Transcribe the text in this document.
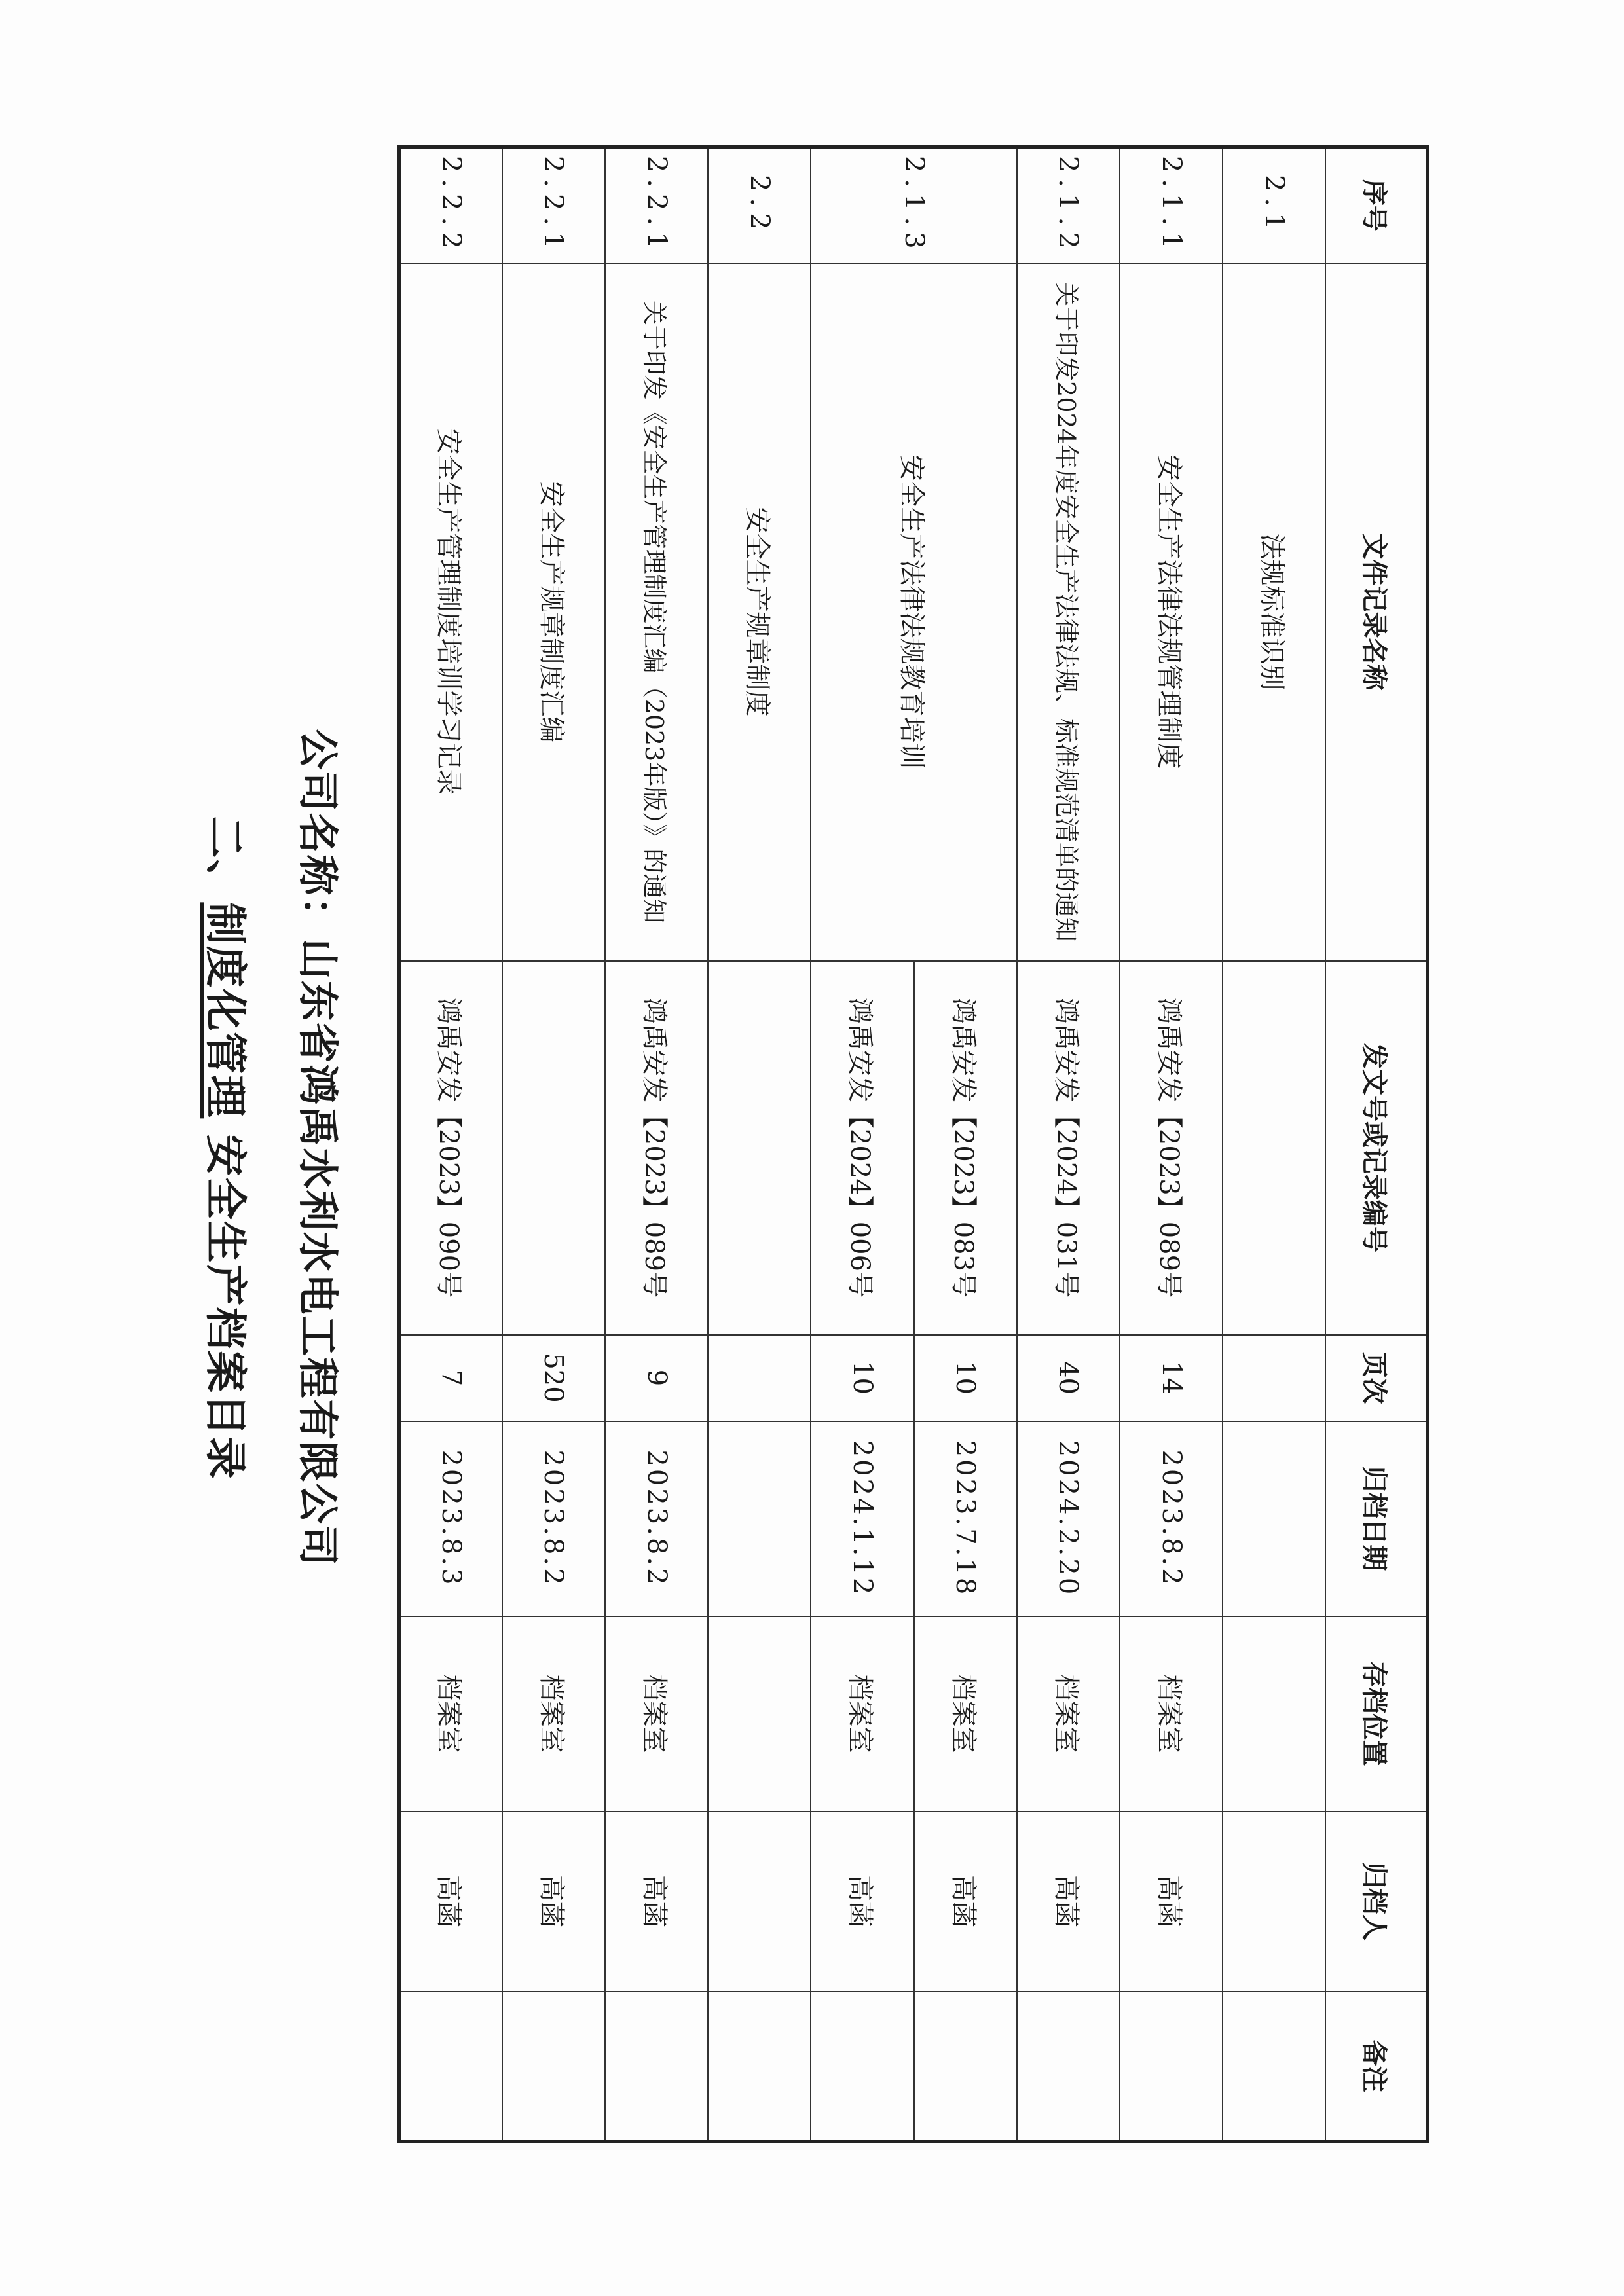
二、制度化管理 安全生产档案目录 公司名称：山东省鸿禹水利水电工程有限公司
序号	文件记录名称	发文号或记录编号	页次	归档日期	存档位置	归档人	备注
2.1	法规标准识别						
2.1.1	安全生产法律法规管理制度	鸿禹安发【2023】089号	14	2023.8.2	档案室	高菡	
2.1.2	关于印发2024年度安全生产法律法规、标准规范清单的通知	鸿禹安发【2024】031号	40	2024.2.20	档案室	高菡	
2.1.3	安全生产法律法规教育培训	鸿禹安发【2023】083号	10	2023.7.18	档案室	高菡	
		鸿禹安发【2024】006号	10	2024.1.12	档案室	高菡	
2.2	安全生产规章制度						
2.2.1	关于印发《安全生产管理制度汇编（2023年版）》的通知	鸿禹安发【2023】089号	9	2023.8.2	档案室	高菡	
2.2.1	安全生产规章制度汇编		520	2023.8.2	档案室	高菡	
2.2.2	安全生产管理制度培训学习记录	鸿禹安发【2023】090号	7	2023.8.3	档案室	高菡	
